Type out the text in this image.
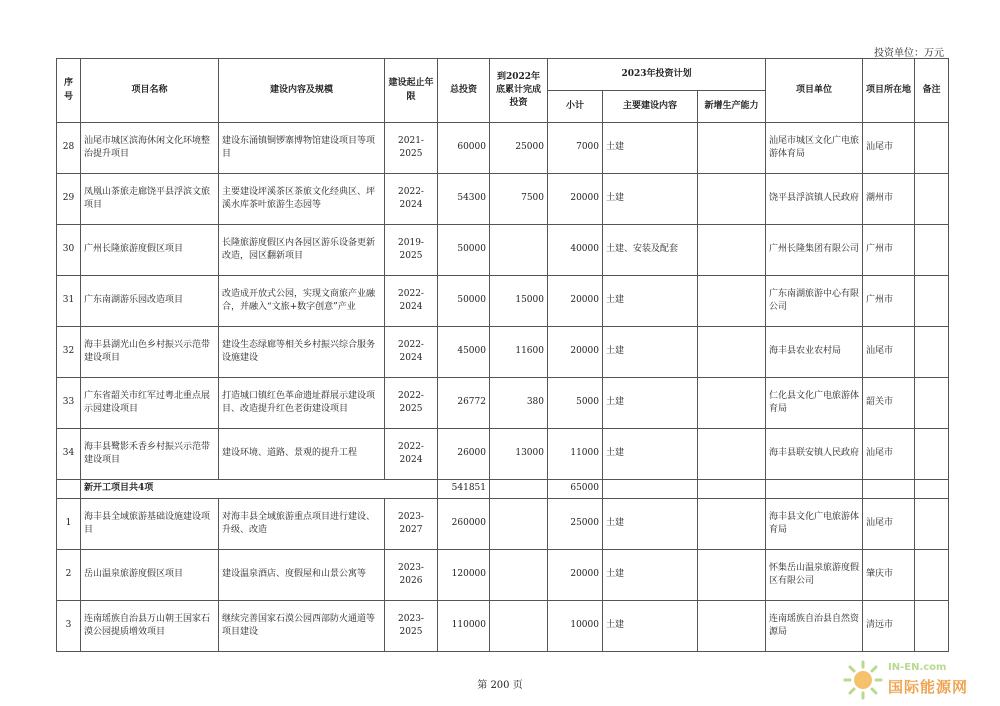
投资单位：万元
序号	项目名称	建设内容及规模	建设起止年限	总投资	到2022年底累计完成投资	2023年投资计划			项目单位	项目所在地	备注
						小计	主要建设内容	新增生产能力			
28	汕尾市城区滨海休闲文化环境整治提升项目	建设东涌镇铜锣寨博物馆建设项目等项目	2021-2025	60000	25000	7000	土建		汕尾市城区文化广电旅游体育局	汕尾市	
29	凤凰山茶旅走廊饶平县浮滨文旅项目	主要建设坪溪茶区茶旅文化经典区、坪溪水库茶叶旅游生态园等	2022-2024	54300	7500	20000	土建		饶平县浮滨镇人民政府	潮州市	
30	广州长隆旅游度假区项目	长隆旅游度假区内各园区游乐设备更新改造，园区翻新项目	2019-2025	50000		40000	土建、安装及配套		广州长隆集团有限公司	广州市	
31	广东南湖游乐园改造项目	改造成开放式公园，实现文商旅产业融合，并融入“文旅+数字创意”产业	2022-2024	50000	15000	20000	土建		广东南湖旅游中心有限公司	广州市	
32	海丰县湖光山色乡村振兴示范带建设项目	建设生态绿廊等相关乡村振兴综合服务设施建设	2022-2024	45000	11600	20000	土建		海丰县农业农村局	汕尾市	
33	广东省韶关市红军过粤北重点展示园建设项目	打造城口镇红色革命遗址群展示建设项目、改造提升红色老街建设项目	2022-2025	26772	380	5000	土建		仁化县文化广电旅游体育局	韶关市	
34	海丰县鹭影禾香乡村振兴示范带建设项目	建设环境、道路、景观的提升工程	2022-2024	26000	13000	11000	土建		海丰县联安镇人民政府	汕尾市	
	新开工项目共4项			541851		65000					
1	海丰县全域旅游基础设施建设项目	对海丰县全域旅游重点项目进行建设、升级、改造	2023-2027	260000		25000	土建		海丰县文化广电旅游体育局	汕尾市	
2	岳山温泉旅游度假区项目	建设温泉酒店、度假屋和山景公寓等	2023-2026	120000		20000	土建		怀集岳山温泉旅游度假区有限公司	肇庆市	
3	连南瑶族自治县万山朝王国家石漠公园提质增效项目	继续完善国家石漠公园西部防火通道等项目建设	2023-2025	110000		10000	土建		连南瑶族自治县自然资源局	清远市	
第 200 页
IN-EN.com
国际能源网
